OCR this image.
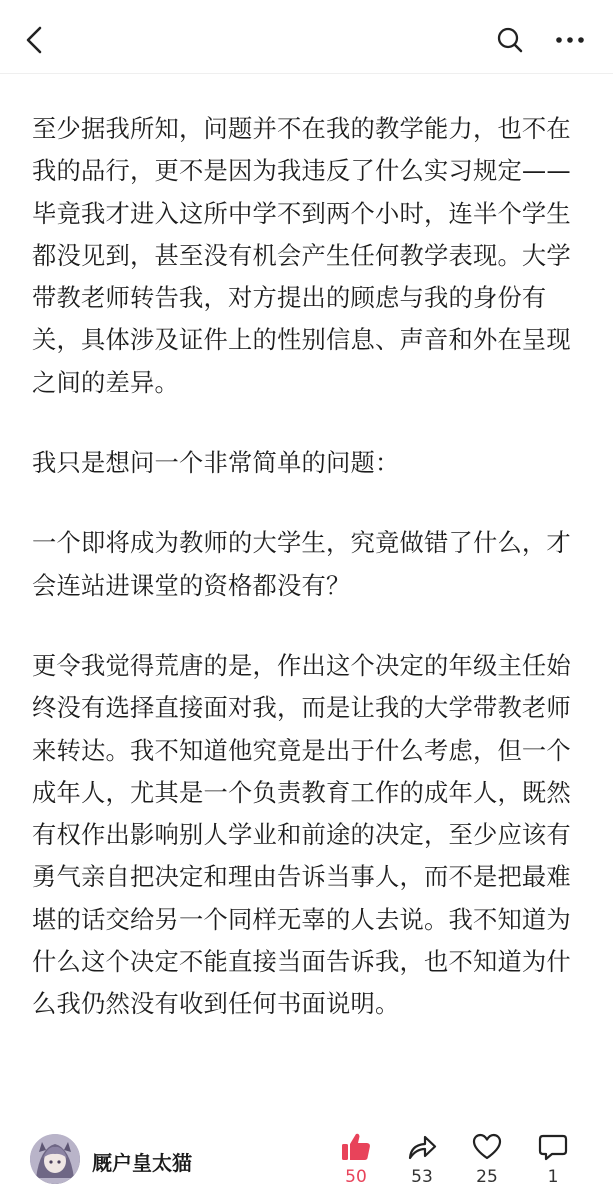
至少据我所知，问题并不在我的教学能力，也不在我的品行，更不是因为我违反了什么实习规定——毕竟我才进入这所中学不到两个小时，连半个学生都没见到，甚至没有机会产生任何教学表现。大学带教老师转告我，对方提出的顾虑与我的身份有关，具体涉及证件上的性别信息、声音和外在呈现之间的差异。

我只是想问一个非常简单的问题：

一个即将成为教师的大学生，究竟做错了什么，才会连站进课堂的资格都没有？

更令我觉得荒唐的是，作出这个决定的年级主任始终没有选择直接面对我，而是让我的大学带教老师来转达。我不知道他究竟是出于什么考虑，但一个成年人，尤其是一个负责教育工作的成年人，既然有权作出影响别人学业和前途的决定，至少应该有勇气亲自把决定和理由告诉当事人，而不是把最难堪的话交给另一个同样无辜的人去说。我不知道为什么这个决定不能直接当面告诉我，也不知道为什么我仍然没有收到任何书面说明。

厩户皇太猫
50	53	25	1
